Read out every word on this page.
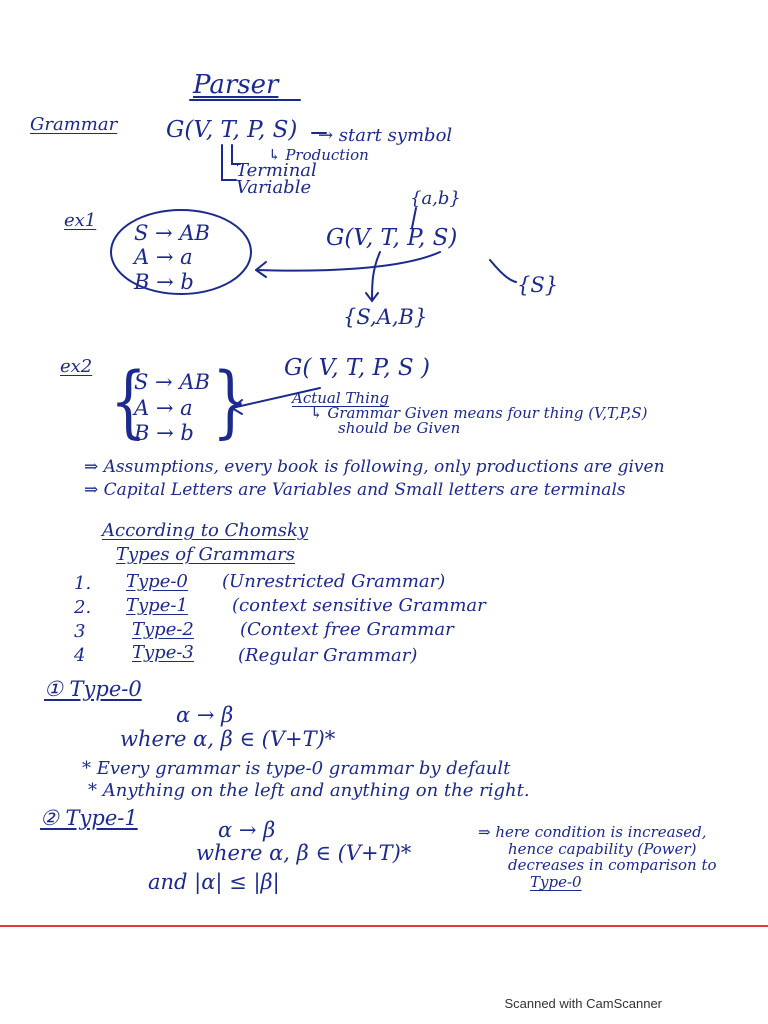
Parser
Grammar G(V, T, P, S) → start symbol
↳ Production
Terminal
Variable
ex1
S → AB
A → a
B → b
{a,b}
G(V, T, P, S)
{S}
{S,A,B}
ex2 {
S → AB
A → a
B → b } G( V, T, P, S )
Actual Thing
↳ Grammar Given means four thing (V,T,P,S)
should be Given
⇒ Assumptions, every book is following, only productions are given
⇒ Capital Letters are Variables and Small letters are terminals
According to Chomsky
Types of Grammars
1. Type-0 (Unrestricted Grammar)
2. Type-1 (context sensitive Grammar
3	Type-2	(Context free Grammar
4	Type-3 (Regular Grammar)
① Type-0
α → β
where α, β ∈ (V+T)*
* Every grammar is type-0 grammar by default
* Anything on the left and anything on the right.
② Type-1	α → β
where α, β ∈ (V+T)*
and |α| ≤ |β|
⇒ here condition is increased,
hence capability (Power)
decreases in comparison to
Type-0
Scanned with CamScanner
